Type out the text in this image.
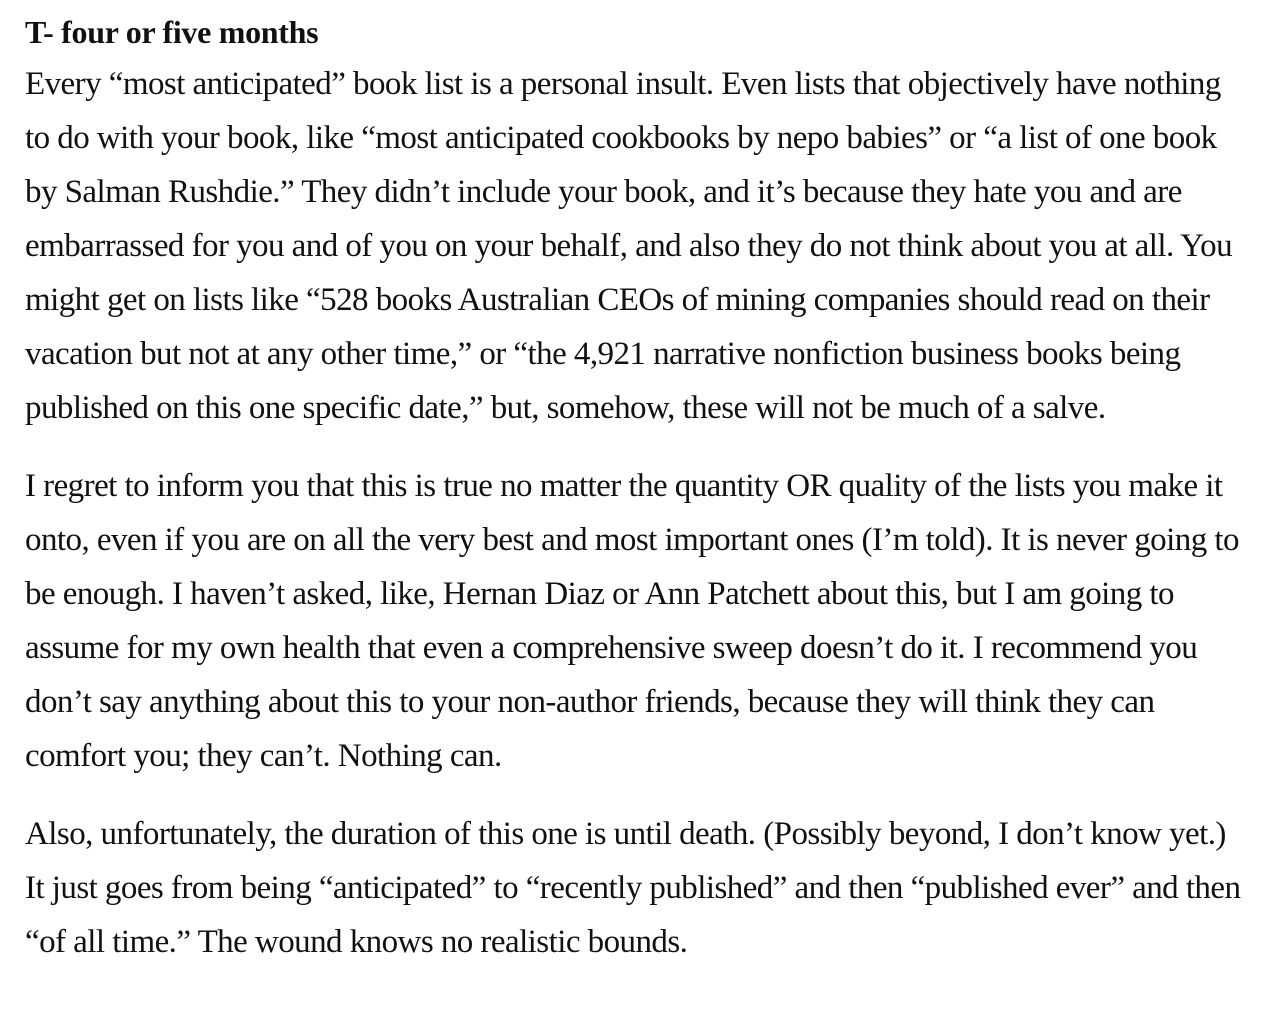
T- four or five months

Every “most anticipated” book list is a personal insult. Even lists that objectively have nothing to do with your book, like “most anticipated cookbooks by nepo babies” or “a list of one book by Salman Rushdie.” They didn’t include your book, and it’s because they hate you and are embarrassed for you and of you on your behalf, and also they do not think about you at all. You might get on lists like “528 books Australian CEOs of mining companies should read on their vacation but not at any other time,” or “the 4,921 narrative nonfiction business books being published on this one specific date,” but, somehow, these will not be much of a salve.

I regret to inform you that this is true no matter the quantity OR quality of the lists you make it onto, even if you are on all the very best and most important ones (I’m told). It is never going to be enough. I haven’t asked, like, Hernan Diaz or Ann Patchett about this, but I am going to assume for my own health that even a comprehensive sweep doesn’t do it. I recommend you don’t say anything about this to your non-author friends, because they will think they can comfort you; they can’t. Nothing can.

Also, unfortunately, the duration of this one is until death. (Possibly beyond, I don’t know yet.) It just goes from being “anticipated” to “recently published” and then “published ever” and then “of all time.” The wound knows no realistic bounds.
